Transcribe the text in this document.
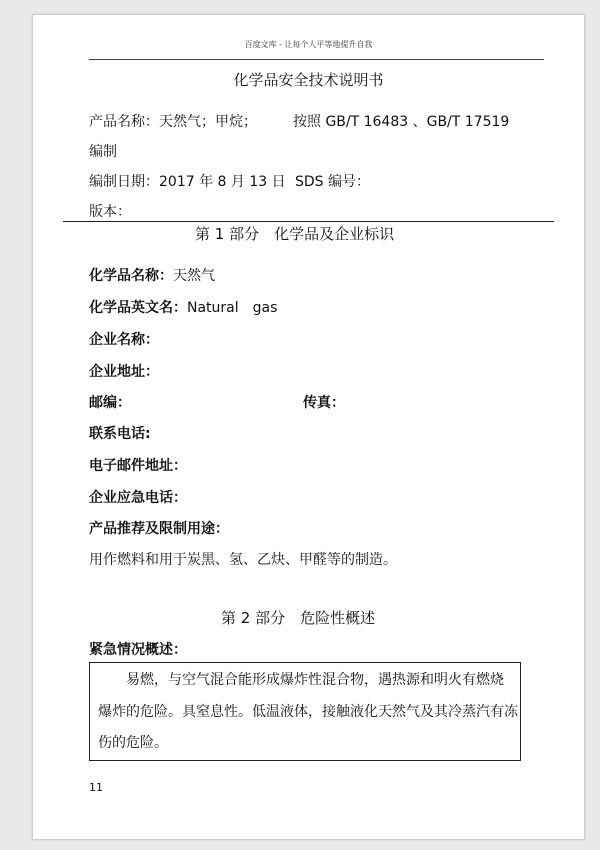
百度文库 - 让每个人平等地提升自我
化学品安全技术说明书
产品名称：天然气；甲烷；	按照 GB/T 16483 、GB/T 17519
编制
编制日期：2017 年 8 月 13 日 SDS 编号：
版本：
第 1 部分　化学品及企业标识
化学品名称：天然气
化学品英文名：Natural　gas
企业名称：
企业地址：
邮编：	传真：
联系电话:
电子邮件地址：
企业应急电话：
产品推荐及限制用途：
用作燃料和用于炭黑、氢、乙炔、甲醛等的制造。
第 2 部分　危险性概述
紧急情况概述：
　　易燃，与空气混合能形成爆炸性混合物，遇热源和明火有燃烧
爆炸的危险。具窒息性。低温液体，接触液化天然气及其冷蒸汽有冻
伤的危险。
11
